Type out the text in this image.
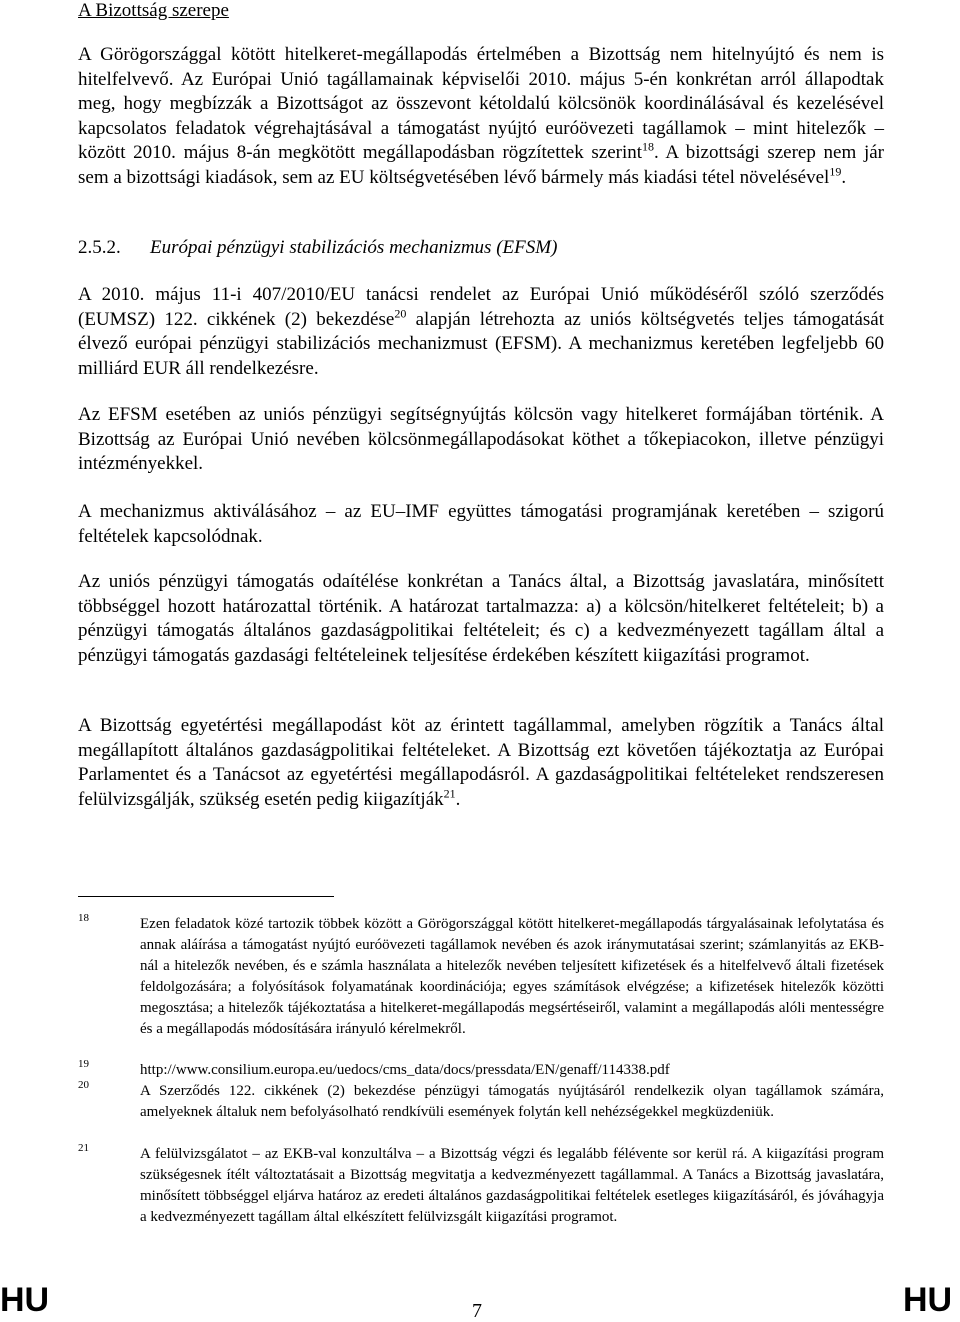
A Bizottság szerepe

A Görögországgal kötött hitelkeret-megállapodás értelmében a Bizottság nem hitelnyújtó és nem is hitelfelvevő. Az Európai Unió tagállamainak képviselői 2010. május 5-én konkrétan arról állapodtak meg, hogy megbízzák a Bizottságot az összevont kétoldalú kölcsönök koordinálásával és kezelésével kapcsolatos feladatok végrehajtásával a támogatást nyújtó euróövezeti tagállamok – mint hitelezők – között 2010. május 8-án megkötött megállapodásban rögzítettek szerint$^{18}$. A bizottsági szerep nem jár sem a bizottsági kiadások, sem az EU költségvetésében lévő bármely más kiadási tétel növelésével$^{19}$.

2.5.2. Európai pénzügyi stabilizációs mechanizmus (EFSM)

A 2010. május 11-i 407/2010/EU tanácsi rendelet az Európai Unió működéséről szóló szerződés (EUMSZ) 122. cikkének (2) bekezdése$^{20}$ alapján létrehozta az uniós költségvetés teljes támogatását élvező európai pénzügyi stabilizációs mechanizmust (EFSM). A mechanizmus keretében legfeljebb 60 milliárd EUR áll rendelkezésre.

Az EFSM esetében az uniós pénzügyi segítségnyújtás kölcsön vagy hitelkeret formájában történik. A Bizottság az Európai Unió nevében kölcsönmegállapodásokat köthet a tőkepiacokon, illetve pénzügyi intézményekkel.

A mechanizmus aktiválásához – az EU–IMF együttes támogatási programjának keretében – szigorú feltételek kapcsolódnak.

Az uniós pénzügyi támogatás odaítélése konkrétan a Tanács által, a Bizottság javaslatára, minősített többséggel hozott határozattal történik. A határozat tartalmazza: a) a kölcsön/hitelkeret feltételeit; b) a pénzügyi támogatás általános gazdaságpolitikai feltételeit; és c) a kedvezményezett tagállam által a pénzügyi támogatás gazdasági feltételeinek teljesítése érdekében készített kiigazítási programot.

A Bizottság egyetértési megállapodást köt az érintett tagállammal, amelyben rögzítik a Tanács által megállapított általános gazdaságpolitikai feltételeket. A Bizottság ezt követően tájékoztatja az Európai Parlamentet és a Tanácsot az egyetértési megállapodásról. A gazdaságpolitikai feltételeket rendszeresen felülvizsgálják, szükség esetén pedig kiigazítják$^{21}$.

18	Ezen feladatok közé tartozik többek között a Görögországgal kötött hitelkeret-megállapodás tárgyalásainak lefolytatása és annak aláírása a támogatást nyújtó euróövezeti tagállamok nevében és azok iránymutatásai szerint; számlanyitás az EKB-nál a hitelezők nevében, és e számla használata a hitelezők nevében teljesített kifizetések és a hitelfelvevő általi fizetések feldolgozására; a folyósítások folyamatának koordinációja; egyes számítások elvégzése; a kifizetések hitelezők közötti megosztása; a hitelezők tájékoztatása a hitelkeret-megállapodás megsértéseiről, valamint a megállapodás alóli mentességre és a megállapodás módosítására irányuló kérelmekről.

19	http://www.consilium.europa.eu/uedocs/cms_data/docs/pressdata/EN/genaff/114338.pdf

20	A Szerződés 122. cikkének (2) bekezdése pénzügyi támogatás nyújtásáról rendelkezik olyan tagállamok számára, amelyeknek általuk nem befolyásolható rendkívüli események folytán kell nehézségekkel megküzdeniük.

21	A felülvizsgálatot – az EKB-val konzultálva – a Bizottság végzi és legalább félévente sor kerül rá. A kiigazítási program szükségesnek ítélt változtatásait a Bizottság megvitatja a kedvezményezett tagállammal. A Tanács a Bizottság javaslatára, minősített többséggel eljárva határoz az eredeti általános gazdaságpolitikai feltételek esetleges kiigazításáról, és jóváhagyja a kedvezményezett tagállam által elkészített felülvizsgált kiigazítási programot.

HU	7	HU
